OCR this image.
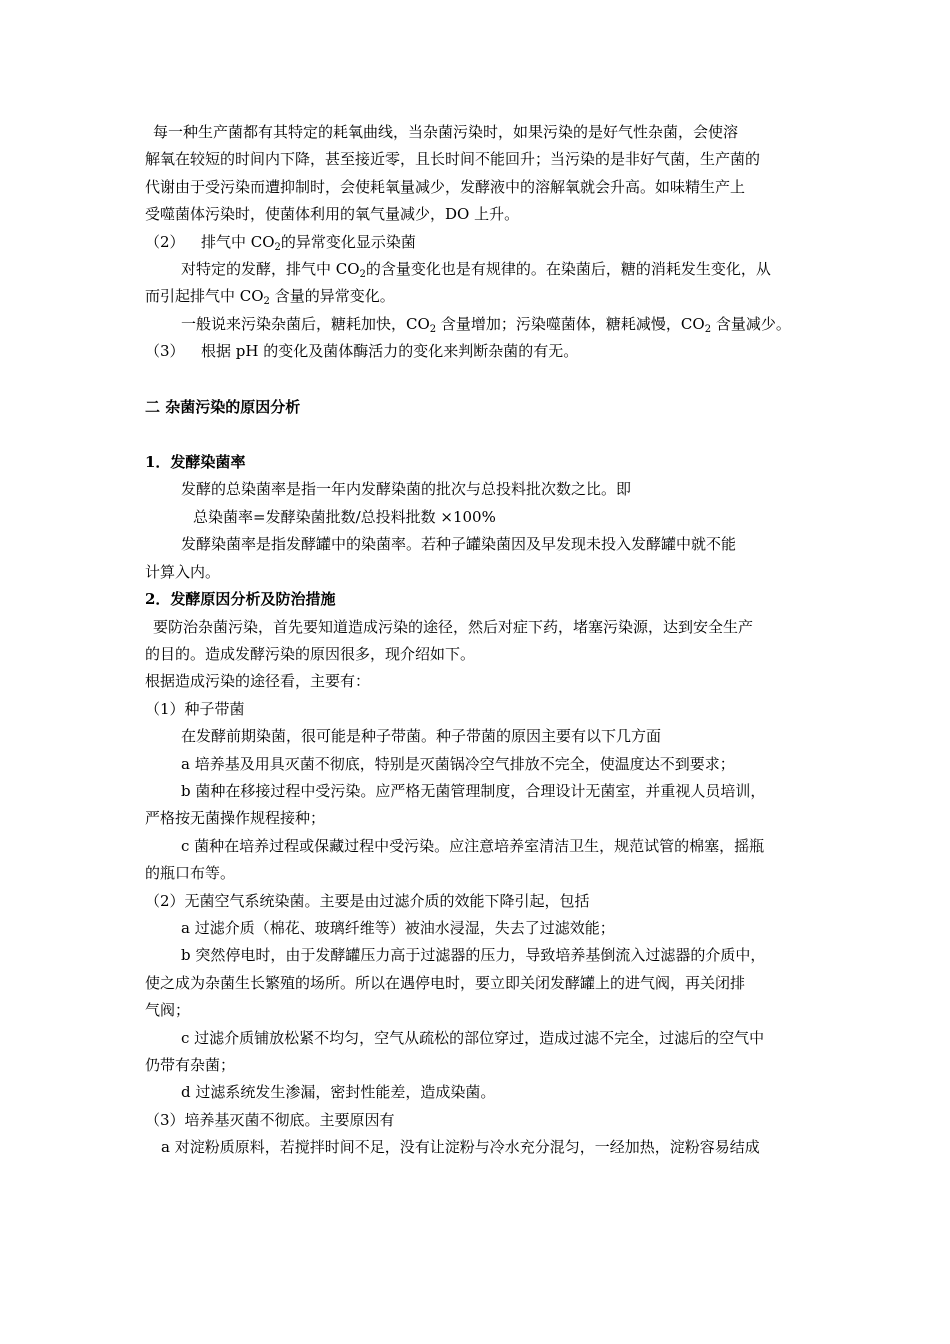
每一种生产菌都有其特定的耗氧曲线，当杂菌污染时，如果污染的是好气性杂菌，会使溶
解氧在较短的时间内下降，甚至接近零，且长时间不能回升；当污染的是非好气菌，生产菌的
代谢由于受污染而遭抑制时，会使耗氧量减少，发酵液中的溶解氧就会升高。如味精生产上
受噬菌体污染时，使菌体利用的氧气量减少，DO 上升。
（2） 排气中 $CO_2$的异常变化显示染菌
对特定的发酵，排气中 $CO_2$的含量变化也是有规律的。在染菌后，糖的消耗发生变化，从
而引起排气中 $CO_2$ 含量的异常变化。
一般说来污染杂菌后，糖耗加快，$CO_2$ 含量增加；污染噬菌体，糖耗减慢，$CO_2$ 含量减少。
（3） 根据 pH 的变化及菌体酶活力的变化来判断杂菌的有无。
二 杂菌污染的原因分析
1．发酵染菌率
发酵的总染菌率是指一年内发酵染菌的批次与总投料批次数之比。即
总染菌率=发酵染菌批数/总投料批数 ×100%
发酵染菌率是指发酵罐中的染菌率。若种子罐染菌因及早发现未投入发酵罐中就不能
计算入内。
2．发酵原因分析及防治措施
要防治杂菌污染，首先要知道造成污染的途径，然后对症下药，堵塞污染源，达到安全生产
的目的。造成发酵污染的原因很多，现介绍如下。
根据造成污染的途径看，主要有：
（1）种子带菌
在发酵前期染菌，很可能是种子带菌。种子带菌的原因主要有以下几方面
a 培养基及用具灭菌不彻底，特别是灭菌锅冷空气排放不完全，使温度达不到要求；
b 菌种在移接过程中受污染。应严格无菌管理制度，合理设计无菌室，并重视人员培训，
严格按无菌操作规程接种；
c 菌种在培养过程或保藏过程中受污染。应注意培养室清洁卫生，规范试管的棉塞，摇瓶
的瓶口布等。
（2）无菌空气系统染菌。主要是由过滤介质的效能下降引起，包括
a 过滤介质（棉花、玻璃纤维等）被油水浸湿，失去了过滤效能；
b 突然停电时，由于发酵罐压力高于过滤器的压力，导致培养基倒流入过滤器的介质中，
使之成为杂菌生长繁殖的场所。所以在遇停电时，要立即关闭发酵罐上的进气阀，再关闭排
气阀；
c 过滤介质铺放松紧不均匀，空气从疏松的部位穿过，造成过滤不完全，过滤后的空气中
仍带有杂菌；
d 过滤系统发生渗漏，密封性能差，造成染菌。
（3）培养基灭菌不彻底。主要原因有
a 对淀粉质原料，若搅拌时间不足，没有让淀粉与冷水充分混匀，一经加热，淀粉容易结成
